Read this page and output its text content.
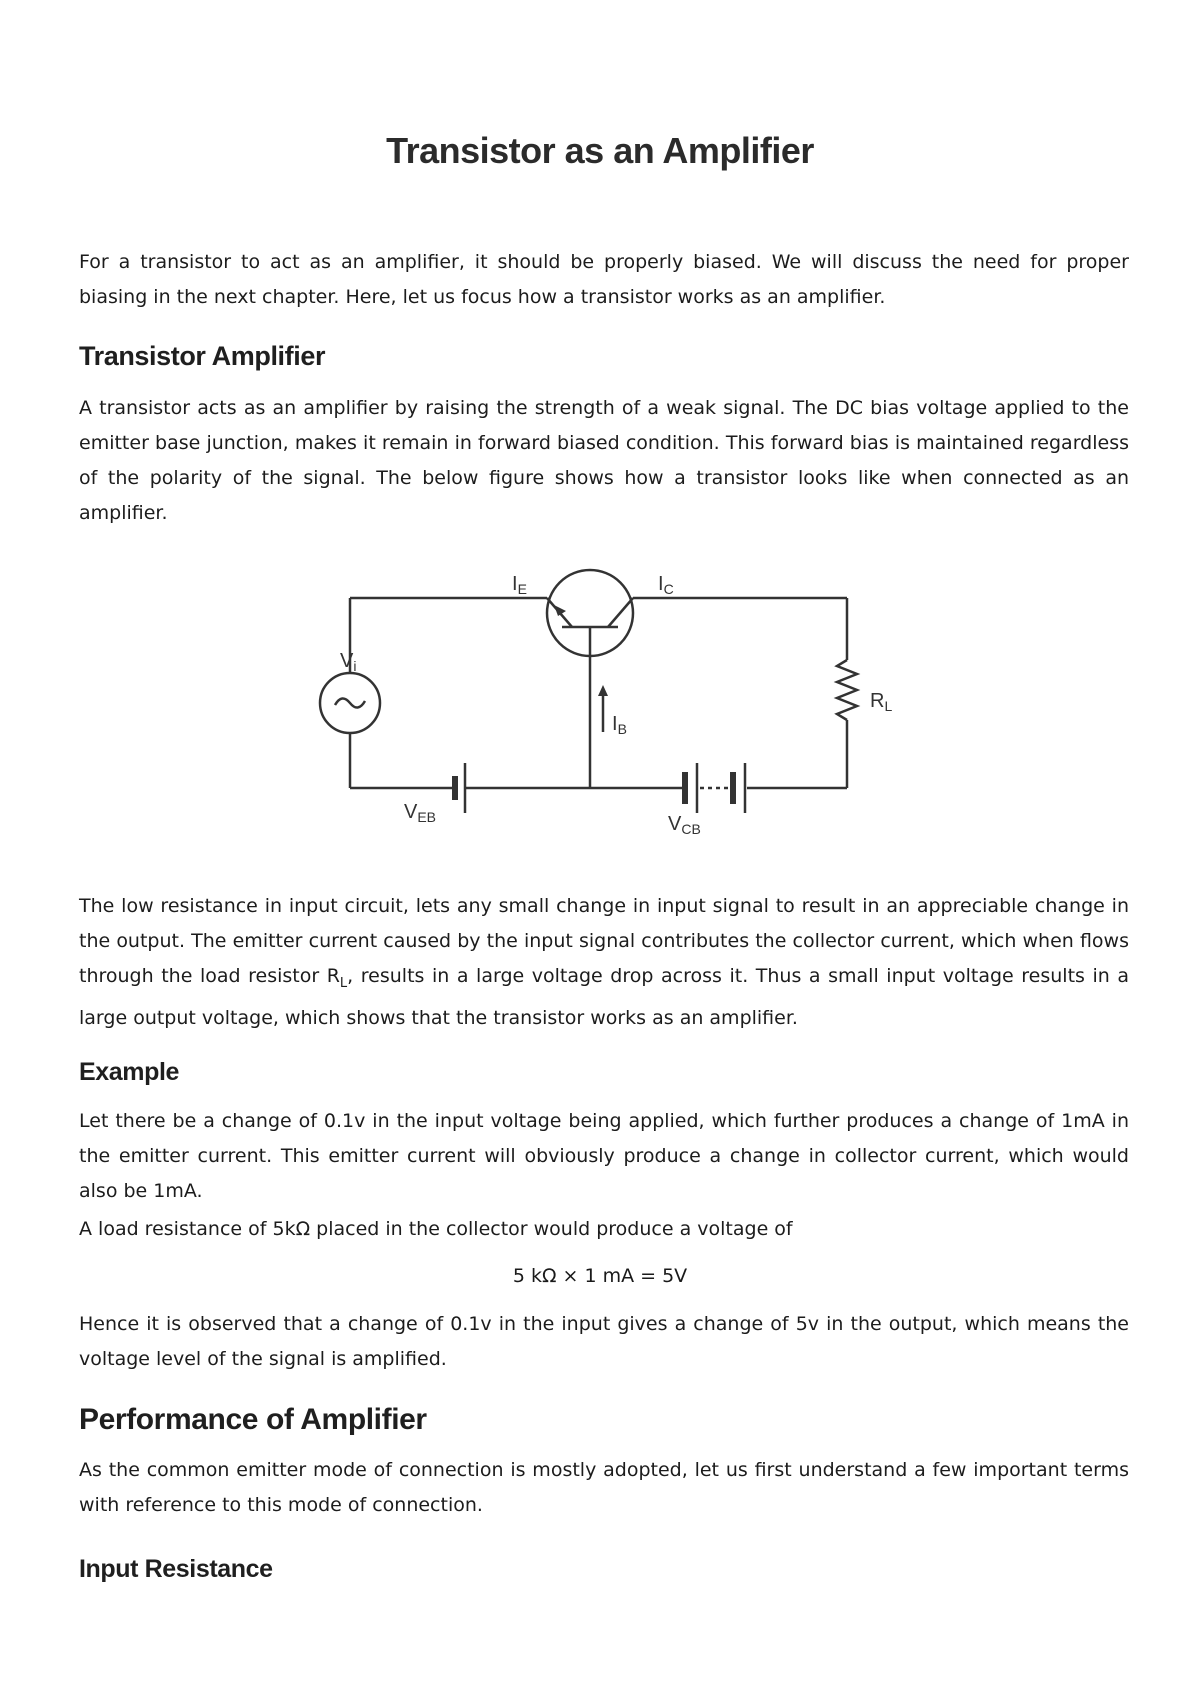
Transistor as an Amplifier

For a transistor to act as an amplifier, it should be properly biased. We will discuss the need for proper biasing in the next chapter. Here, let us focus how a transistor works as an amplifier.

Transistor Amplifier

A transistor acts as an amplifier by raising the strength of a weak signal. The DC bias voltage applied to the emitter base junction, makes it remain in forward biased condition. This forward bias is maintained regardless of the polarity of the signal. The below figure shows how a transistor looks like when connected as an amplifier.

$I_E$	$I_C$
$V_i$
$I_B$
$R_L$
$V_{EB}$	$V_{CB}$

The low resistance in input circuit, lets any small change in input signal to result in an appreciable change in the output. The emitter current caused by the input signal contributes the collector current, which when flows through the load resistor $R_L$, results in a large voltage drop across it. Thus a small input voltage results in a large output voltage, which shows that the transistor works as an amplifier.

Example

Let there be a change of 0.1v in the input voltage being applied, which further produces a change of 1mA in the emitter current. This emitter current will obviously produce a change in collector current, which would also be 1mA.

A load resistance of 5kΩ placed in the collector would produce a voltage of

5 kΩ × 1 mA = 5V

Hence it is observed that a change of 0.1v in the input gives a change of 5v in the output, which means the voltage level of the signal is amplified.

Performance of Amplifier

As the common emitter mode of connection is mostly adopted, let us first understand a few important terms with reference to this mode of connection.

Input Resistance
